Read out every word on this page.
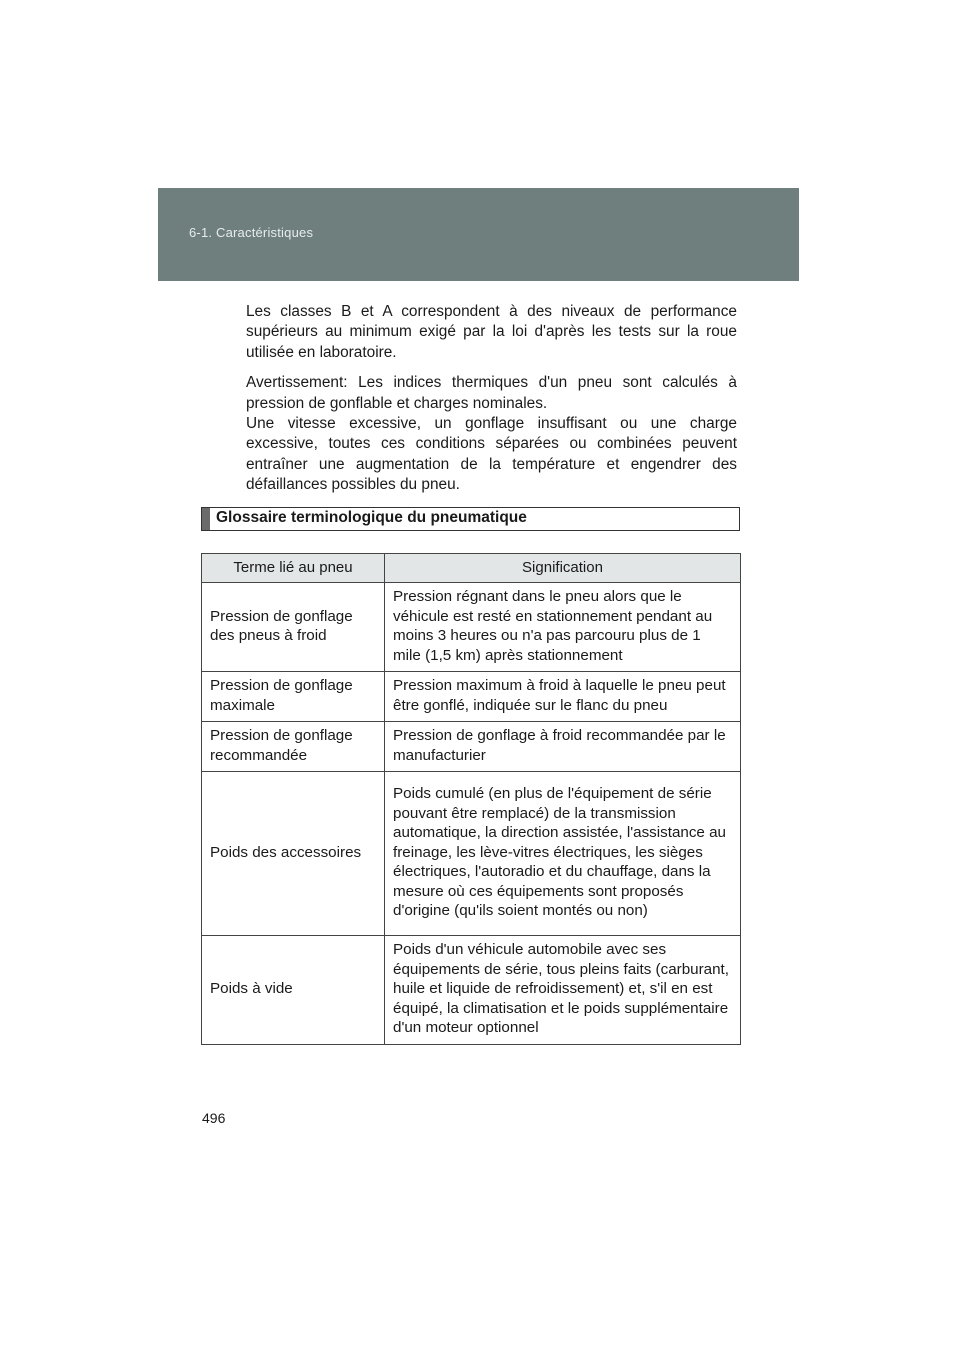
6-1. Caractéristiques

Les classes B et A correspondent à des niveaux de performance supérieurs au minimum exigé par la loi d'après les tests sur la roue utilisée en laboratoire.

Avertissement: Les indices thermiques d'un pneu sont calculés à pression de gonflable et charges nominales.

Une vitesse excessive, un gonflage insuffisant ou une charge excessive, toutes ces conditions séparées ou combinées peuvent entraîner une augmentation de la température et engendrer des défaillances possibles du pneu.

Glossaire terminologique du pneumatique
Terme lié au pneu	Signification
Pression de gonflage des pneus à froid	Pression régnant dans le pneu alors que le véhicule est resté en stationnement pendant au moins 3 heures ou n'a pas parcouru plus de 1 mile (1,5 km) après stationnement
Pression de gonflage maximale	Pression maximum à froid à laquelle le pneu peut être gonflé, indiquée sur le flanc du pneu
Pression de gonflage recommandée	Pression de gonflage à froid recommandée par le manufacturier
Poids des accessoires	Poids cumulé (en plus de l'équipement de série pouvant être remplacé) de la transmission automatique, la direction assistée, l'assistance au freinage, les lève-vitres électriques, les sièges électriques, l'autoradio et du chauffage, dans la mesure où ces équipements sont proposés d'origine (qu'ils soient montés ou non)
Poids à vide	Poids d'un véhicule automobile avec ses équipements de série, tous pleins faits (carburant, huile et liquide de refroidissement) et, s'il en est équipé, la climatisation et le poids supplémentaire d'un moteur optionnel
496
